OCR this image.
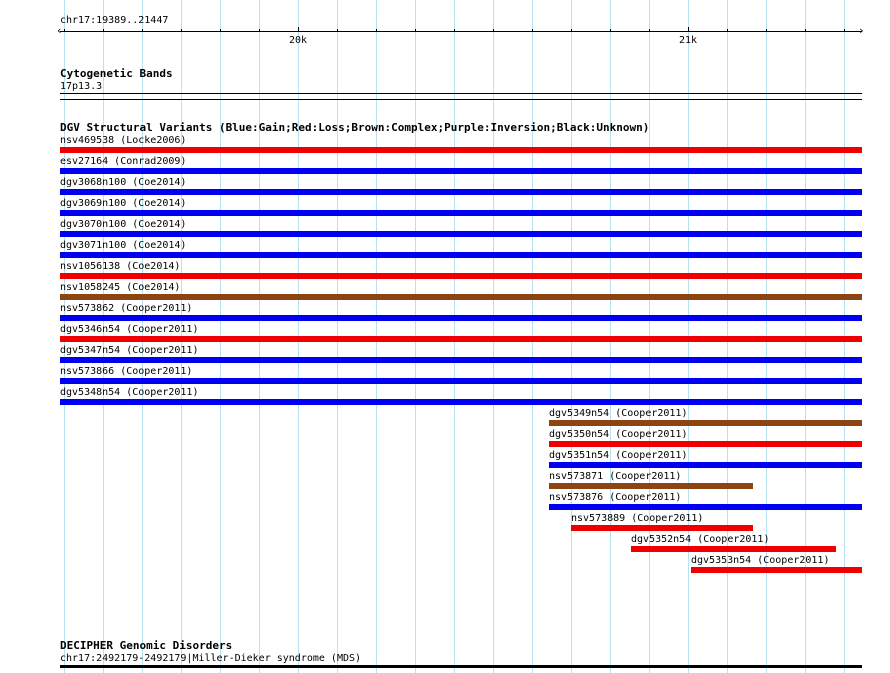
chr17:19389..21447
‹	›
20k	21k
Cytogenetic Bands
17p13.3
DGV Structural Variants (Blue:Gain;Red:Loss;Brown:Complex;Purple:Inversion;Black:Unknown)
nsv469538 (Locke2006)
esv27164 (Conrad2009)
dgv3068n100 (Coe2014)
dgv3069n100 (Coe2014)
dgv3070n100 (Coe2014)
dgv3071n100 (Coe2014)
nsv1056138 (Coe2014)
nsv1058245 (Coe2014)
nsv573862 (Cooper2011)
dgv5346n54 (Cooper2011)
dgv5347n54 (Cooper2011)
nsv573866 (Cooper2011)
dgv5348n54 (Cooper2011)
dgv5349n54 (Cooper2011)
dgv5350n54 (Cooper2011)
dgv5351n54 (Cooper2011)
nsv573871 (Cooper2011)
nsv573876 (Cooper2011)
nsv573889 (Cooper2011)
dgv5352n54 (Cooper2011)
dgv5353n54 (Cooper2011)
DECIPHER Genomic Disorders
chr17:2492179-2492179|Miller-Dieker syndrome (MDS)
